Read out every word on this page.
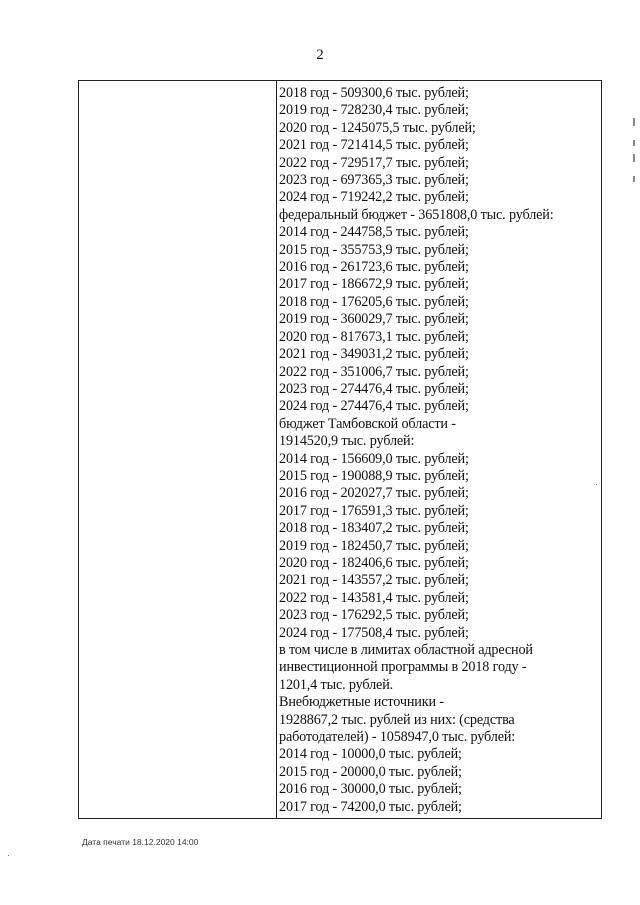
2
2018 год - 509300,6 тыс. рублей;
2019 год - 728230,4 тыс. рублей;
2020 год - 1245075,5 тыс. рублей;
2021 год - 721414,5 тыс. рублей;
2022 год - 729517,7 тыс. рублей;
2023 год - 697365,3 тыс. рублей;
2024 год - 719242,2 тыс. рублей;
федеральный бюджет - 3651808,0 тыс. рублей:
2014 год - 244758,5 тыс. рублей;
2015 год - 355753,9 тыс. рублей;
2016 год - 261723,6 тыс. рублей;
2017 год - 186672,9 тыс. рублей;
2018 год - 176205,6 тыс. рублей;
2019 год - 360029,7 тыс. рублей;
2020 год - 817673,1 тыс. рублей;
2021 год - 349031,2 тыс. рублей;
2022 год - 351006,7 тыс. рублей;
2023 год - 274476,4 тыс. рублей;
2024 год - 274476,4 тыс. рублей;
бюджет Тамбовской области -
1914520,9 тыс. рублей:
2014 год - 156609,0 тыс. рублей;
2015 год - 190088,9 тыс. рублей;
2016 год - 202027,7 тыс. рублей;
2017 год - 176591,3 тыс. рублей;
2018 год - 183407,2 тыс. рублей;
2019 год - 182450,7 тыс. рублей;
2020 год - 182406,6 тыс. рублей;
2021 год - 143557,2 тыс. рублей;
2022 год - 143581,4 тыс. рублей;
2023 год - 176292,5 тыс. рублей;
2024 год - 177508,4 тыс. рублей;
в том числе в лимитах областной адресной
инвестиционной программы в 2018 году -
1201,4 тыс. рублей.
Внебюджетные источники -
1928867,2 тыс. рублей из них: (средства
работодателей) - 1058947,0 тыс. рублей:
2014 год - 10000,0 тыс. рублей;
2015 год - 20000,0 тыс. рублей;
2016 год - 30000,0 тыс. рублей;
2017 год - 74200,0 тыс. рублей;
Дата печати 18.12.2020 14:00
